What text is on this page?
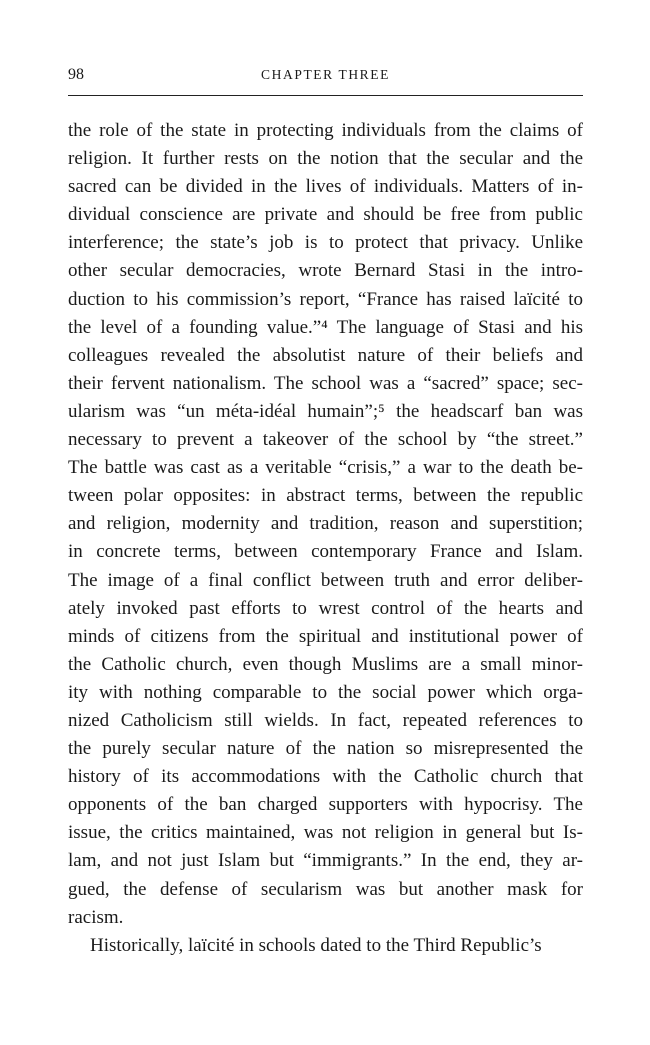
98	CHAPTER THREE
the role of the state in protecting individuals from the claims of
religion. It further rests on the notion that the secular and the
sacred can be divided in the lives of individuals. Matters of in-
dividual conscience are private and should be free from public
interference; the state’s job is to protect that privacy. Unlike
other secular democracies, wrote Bernard Stasi in the intro-
duction to his commission’s report, “France has raised laïcité to
the level of a founding value.”⁴ The language of Stasi and his
colleagues revealed the absolutist nature of their beliefs and
their fervent nationalism. The school was a “sacred” space; sec-
ularism was “un méta-idéal humain”;⁵ the headscarf ban was
necessary to prevent a takeover of the school by “the street.”
The battle was cast as a veritable “crisis,” a war to the death be-
tween polar opposites: in abstract terms, between the republic
and religion, modernity and tradition, reason and superstition;
in concrete terms, between contemporary France and Islam.
The image of a final conflict between truth and error deliber-
ately invoked past efforts to wrest control of the hearts and
minds of citizens from the spiritual and institutional power of
the Catholic church, even though Muslims are a small minor-
ity with nothing comparable to the social power which orga-
nized Catholicism still wields. In fact, repeated references to
the purely secular nature of the nation so misrepresented the
history of its accommodations with the Catholic church that
opponents of the ban charged supporters with hypocrisy. The
issue, the critics maintained, was not religion in general but Is-
lam, and not just Islam but “immigrants.” In the end, they ar-
gued, the defense of secularism was but another mask for
racism.
Historically, laïcité in schools dated to the Third Republic’s
